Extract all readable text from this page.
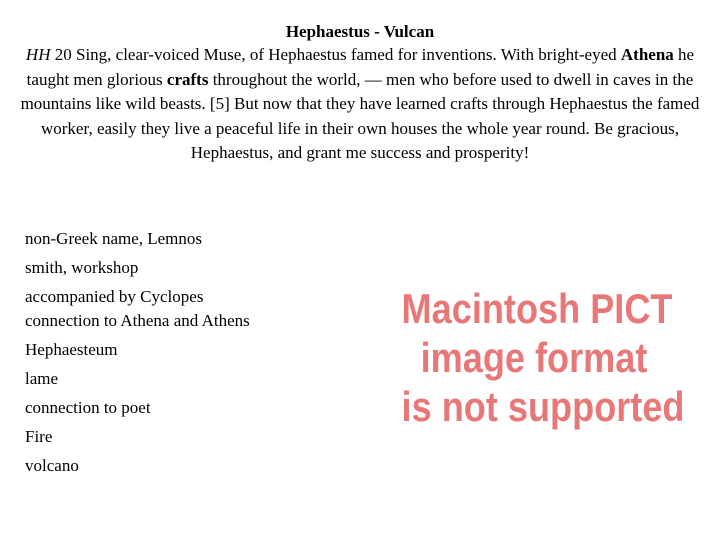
Hephaestus - Vulcan
HH 20 Sing, clear-voiced Muse, of Hephaestus famed for inventions. With bright-eyed Athena he taught men glorious crafts throughout the world, — men who before used to dwell in caves in the mountains like wild beasts. [5] But now that they have learned crafts through Hephaestus the famed worker, easily they live a peaceful life in their own houses the whole year round. Be gracious, Hephaestus, and grant me success and prosperity!
non-Greek name, Lemnos
smith, workshop
accompanied by Cyclopes
connection to Athena and Athens
Hephaesteum
lame
connection to poet
Fire
volcano
Macintosh PICT
image format
is not supported
